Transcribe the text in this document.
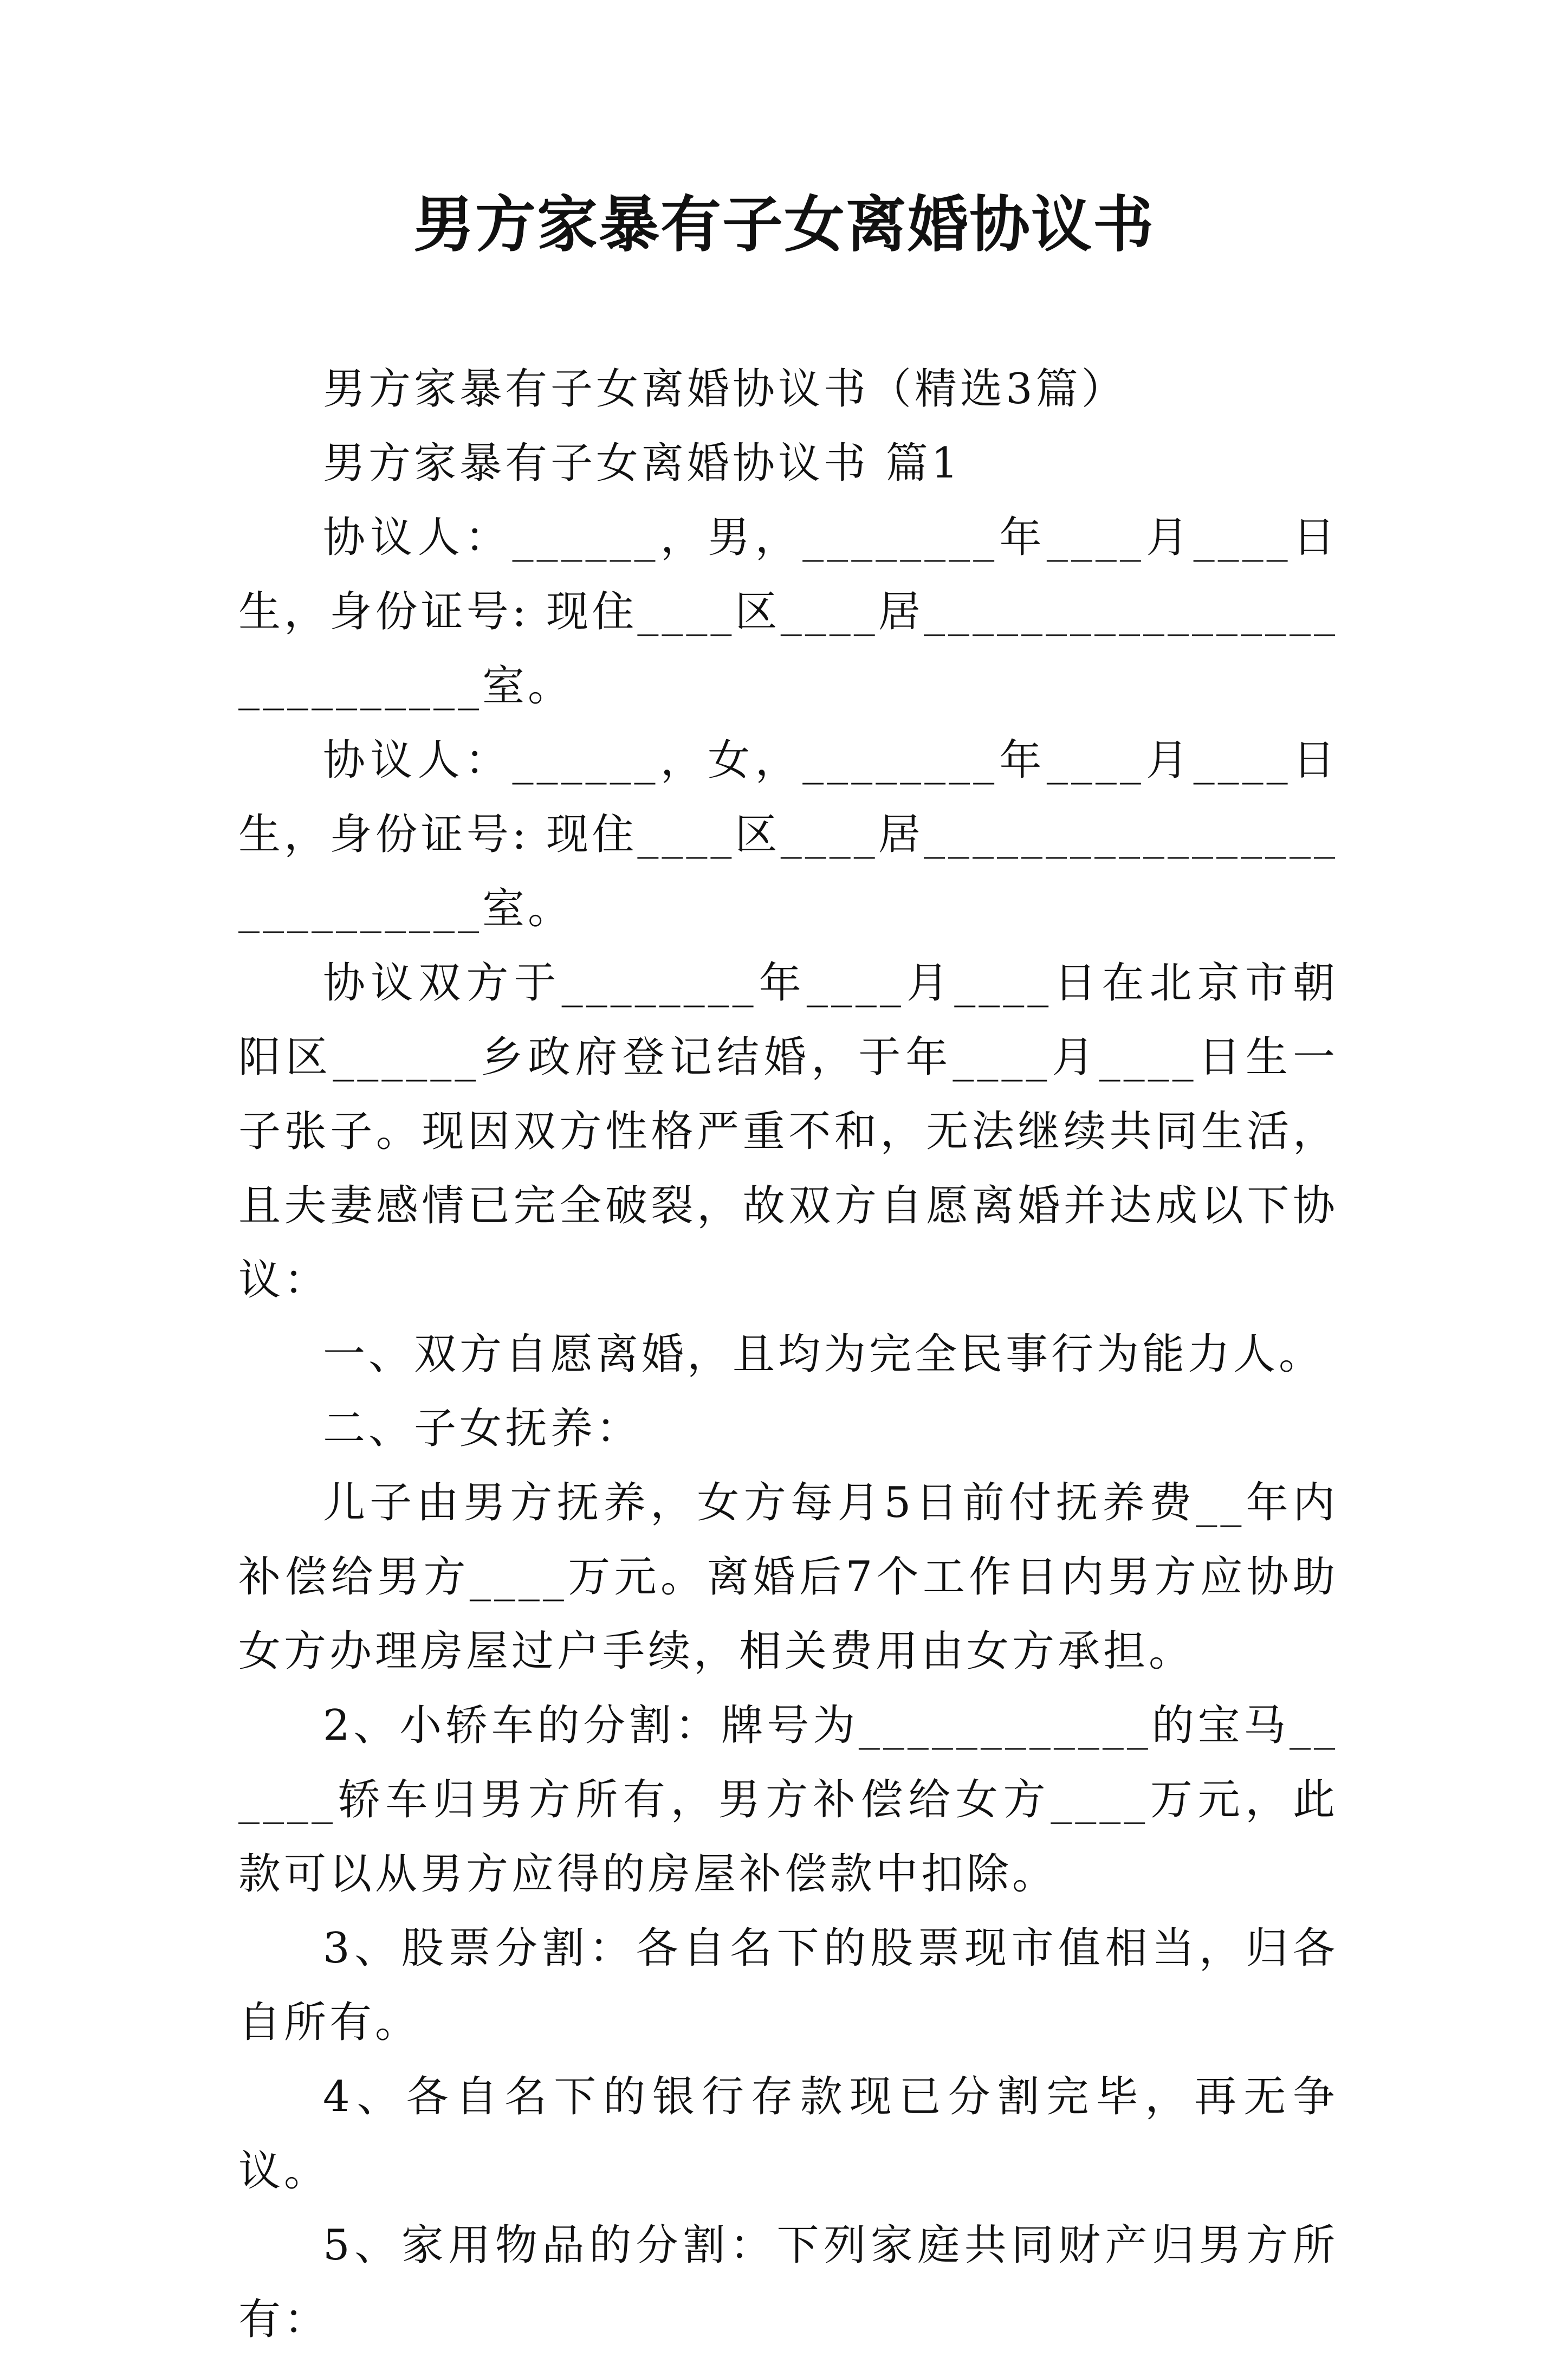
男方家暴有子女离婚协议书

男方家暴有子女离婚协议书（精选3篇）

男方家暴有子女离婚协议书 篇1

协议人：______，男，________年____月____日生，身份证号: 现住____区____居___________________________室。

协议人：______，女，________年____月____日生，身份证号: 现住____区____居___________________________室。

协议双方于________年____月____日在北京市朝阳区______乡政府登记结婚，于年____月____日生一子张子。现因双方性格严重不和，无法继续共同生活，且夫妻感情已完全破裂，故双方自愿离婚并达成以下协议：

一、双方自愿离婚，且均为完全民事行为能力人。

二、子女抚养：

儿子由男方抚养，女方每月5日前付抚养费__年内补偿给男方____万元。离婚后7个工作日内男方应协助女方办理房屋过户手续，相关费用由女方承担。

2、小轿车的分割：牌号为____________的宝马______轿车归男方所有，男方补偿给女方____万元，此款可以从男方应得的房屋补偿款中扣除。

3、股票分割：各自名下的股票现市值相当，归各自所有。

4、各自名下的银行存款现已分割完毕，再无争议。

5、家用物品的分割：下列家庭共同财产归男方所有：
